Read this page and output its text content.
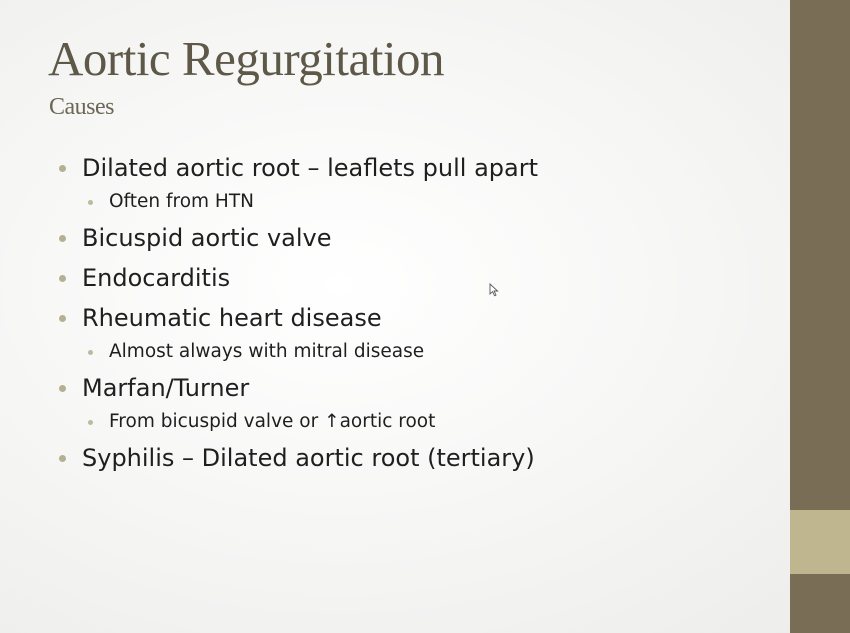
Aortic Regurgitation
Causes
Dilated aortic root – leaflets pull apart
Often from HTN
Bicuspid aortic valve
Endocarditis
Rheumatic heart disease
Almost always with mitral disease
Marfan/Turner
From bicuspid valve or ↑aortic root
Syphilis – Dilated aortic root (tertiary)
